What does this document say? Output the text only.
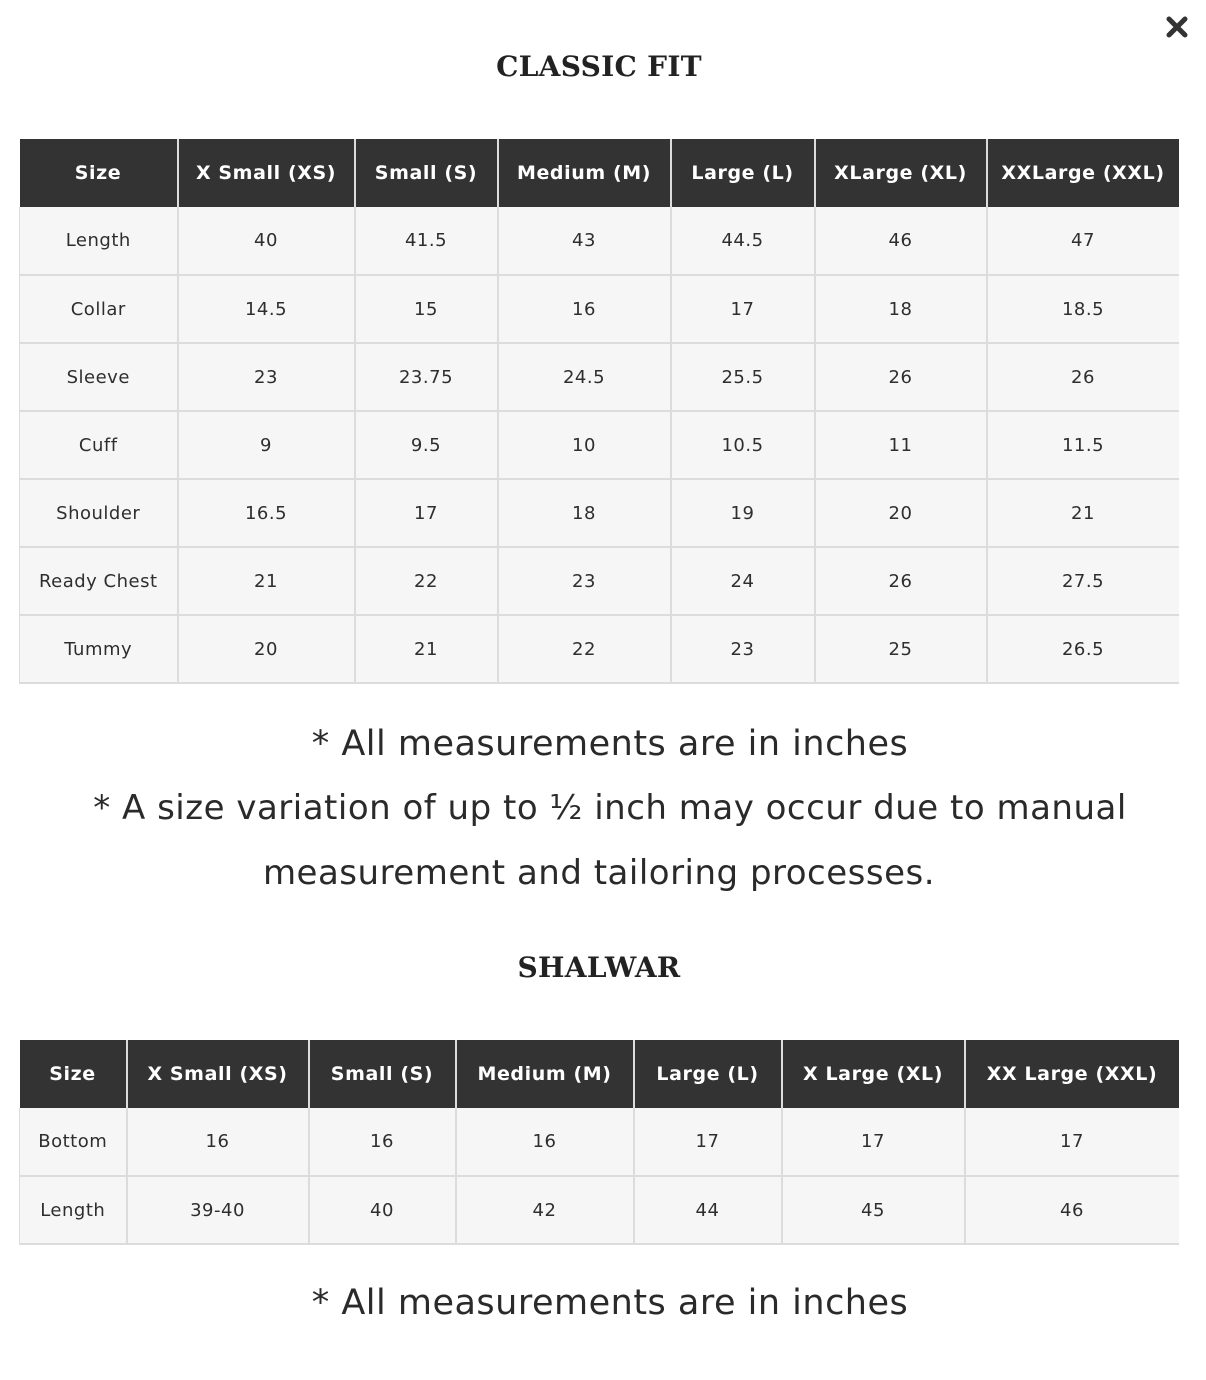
CLASSIC FIT
Size	X Small (XS)	Small (S)	Medium (M)	Large (L)	XLarge (XL)	XXLarge (XXL)
Length	40	41.5	43	44.5	46	47
Collar	14.5	15	16	17	18	18.5
Sleeve	23	23.75	24.5	25.5	26	26
Cuff	9	9.5	10	10.5	11	11.5
Shoulder	16.5	17	18	19	20	21
Ready Chest	21	22	23	24	26	27.5
Tummy	20	21	22	23	25	26.5

* All measurements are in inches

* A size variation of up to ½ inch may occur due to manual

measurement and tailoring processes.

SHALWAR
Size	X Small (XS)	Small (S)	Medium (M)	Large (L)	X Large (XL)	XX Large (XXL)
Bottom	16	16	16	17	17	17
Length	39-40	40	42	44	45	46

* All measurements are in inches
